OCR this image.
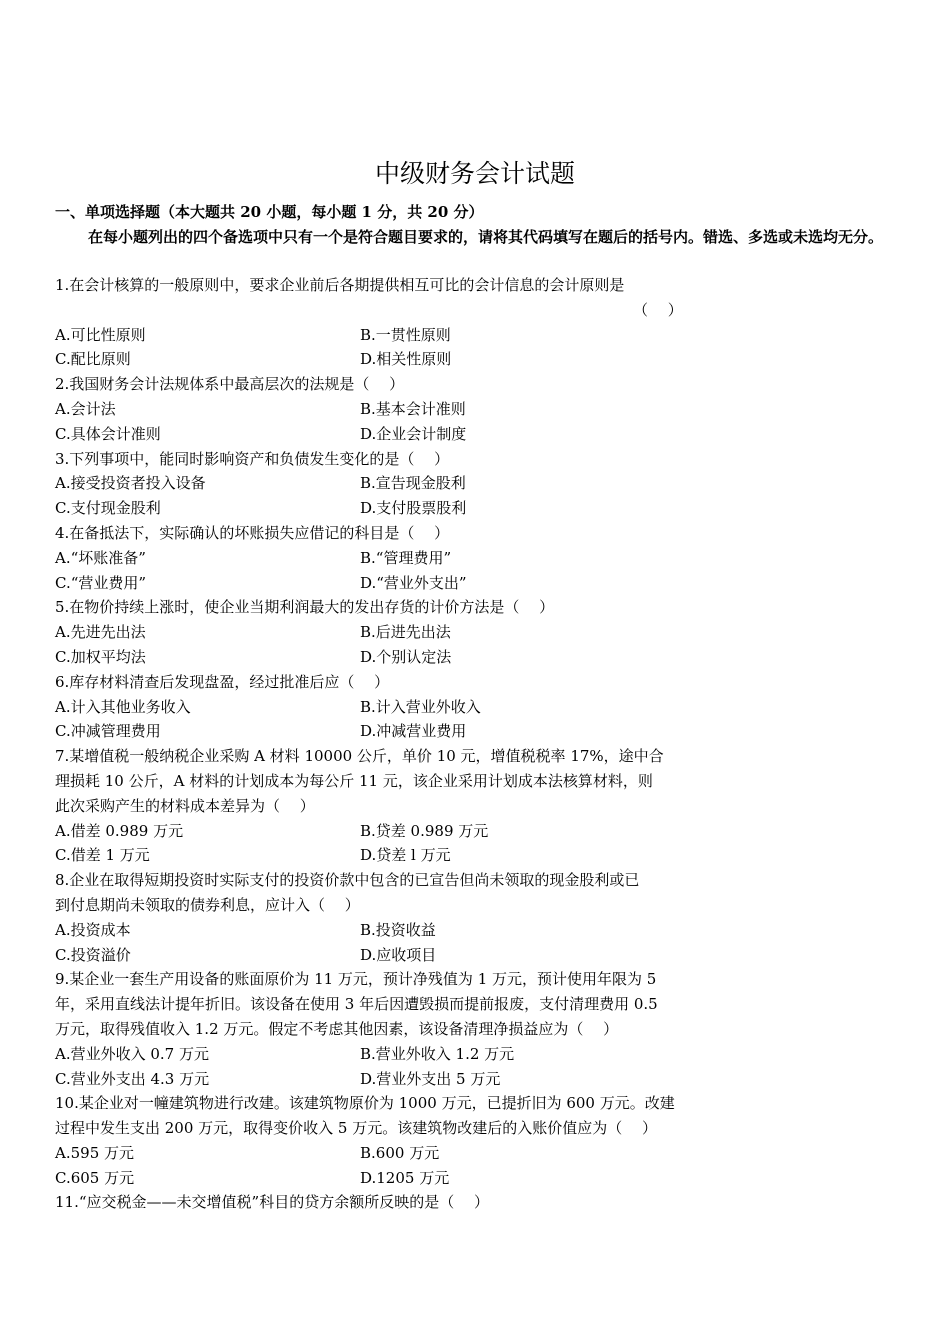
中级财务会计试题
一、单项选择题（本大题共 20 小题，每小题 1 分，共 20 分）
在每小题列出的四个备选项中只有一个是符合题目要求的，请将其代码填写在题后的括号内。错选、多选或未选均无分。
1.在会计核算的一般原则中，要求企业前后各期提供相互可比的会计信息的会计原则是
（　 ）
A.可比性原则	B.一贯性原则
C.配比原则	D.相关性原则
2.我国财务会计法规体系中最高层次的法规是（　 ）
A.会计法	B.基本会计准则
C.具体会计准则	D.企业会计制度
3.下列事项中，能同时影响资产和负债发生变化的是（　 ）
A.接受投资者投入设备	B.宣告现金股利
C.支付现金股利	D.支付股票股利
4.在备抵法下，实际确认的坏账损失应借记的科目是（　 ）
A.“坏账准备”	B.“管理费用”
C.“营业费用”	D.“营业外支出”
5.在物价持续上涨时，使企业当期利润最大的发出存货的计价方法是（　 ）
A.先进先出法	B.后进先出法
C.加权平均法	D.个别认定法
6.库存材料清查后发现盘盈，经过批准后应（　 ）
A.计入其他业务收入	B.计入营业外收入
C.冲减管理费用	D.冲减营业费用
7.某增值税一般纳税企业采购 A 材料 10000 公斤，单价 10 元，增值税税率 17%，途中合
理损耗 10 公斤，A 材料的计划成本为每公斤 11 元，该企业采用计划成本法核算材料，则
此次采购产生的材料成本差异为（　 ）
A.借差 0.989 万元	B.贷差 0.989 万元
C.借差 1 万元	D.贷差 l 万元
8.企业在取得短期投资时实际支付的投资价款中包含的已宣告但尚未领取的现金股利或已
到付息期尚未领取的债券利息，应计入（　 ）
A.投资成本	B.投资收益
C.投资溢价	D.应收项目
9.某企业一套生产用设备的账面原价为 11 万元，预计净残值为 1 万元，预计使用年限为 5
年，采用直线法计提年折旧。该设备在使用 3 年后因遭毁损而提前报废，支付清理费用 0.5
万元，取得残值收入 1.2 万元。假定不考虑其他因素，该设备清理净损益应为（　 ）
A.营业外收入 0.7 万元	B.营业外收入 1.2 万元
C.营业外支出 4.3 万元	D.营业外支出 5 万元
10.某企业对一幢建筑物进行改建。该建筑物原价为 1000 万元，已提折旧为 600 万元。改建
过程中发生支出 200 万元，取得变价收入 5 万元。该建筑物改建后的入账价值应为（　 ）
A.595 万元	B.600 万元
C.605 万元	D.1205 万元
11.“应交税金——未交增值税”科目的贷方余额所反映的是（　 ）
